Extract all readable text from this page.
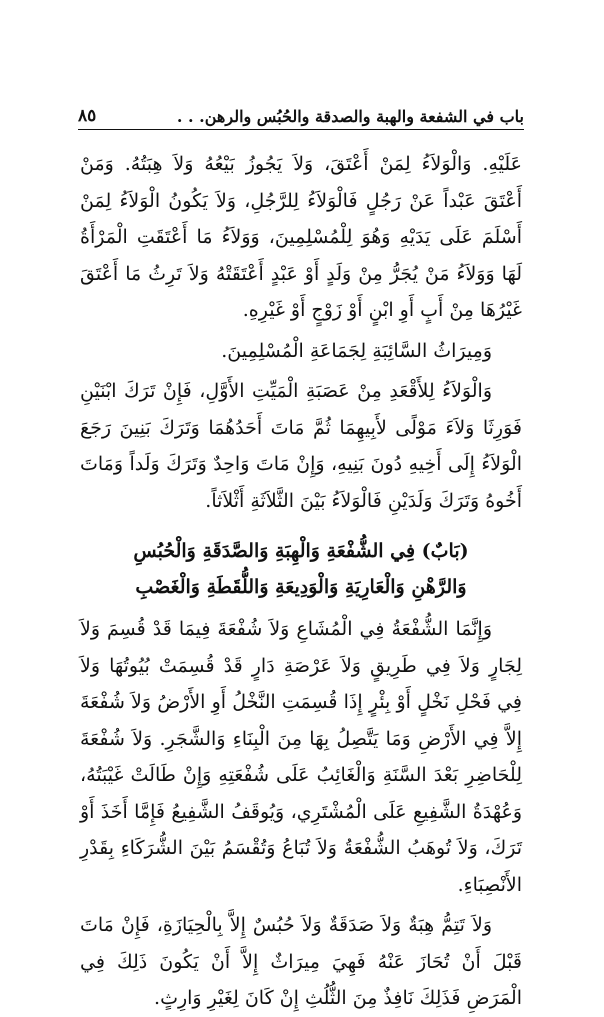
باب في الشفعة والهبة والصدقة والحُبُس والرهن. . .
٨٥

عَلَيْهِ. وَالْوَلاَءُ لِمَنْ أَعْتَقَ، وَلاَ يَجُوزُ بَيْعُهُ وَلاَ هِبَتُهُ. وَمَنْ أَعْتَقَ عَبْداً عَنْ رَجُلٍ فَالْوَلاَءُ لِلرَّجُلِ، وَلاَ يَكُونُ الْوَلاَءُ لِمَنْ أَسْلَمَ عَلَى يَدَيْهِ وَهُوَ لِلْمُسْلِمِينَ، وَوَلاَءُ مَا أَعْتَقَتِ الْمَرْأَةُ لَهَا وَوَلاَءُ مَنْ يُجَرُّ مِنْ وَلَدٍ أَوْ عَبْدٍ أَعْتَقَتْهُ وَلاَ تَرِثُ مَا أَعْتَقَ غَيْرُهَا مِنْ أَبٍ أَوِ ابْنٍ أَوْ زَوْجٍ أَوْ غَيْرِهِ.

وَمِيرَاثُ السَّائِبَةِ لِجَمَاعَةِ الْمُسْلِمِينَ.

وَالْوَلاَءُ لِلأَقْعَدِ مِنْ عَصَبَةِ الْمَيِّتِ الأَوَّلِ، فَإِنْ تَرَكَ ابْنَيْنِ فَوَرِثَا وَلاَءَ مَوْلًى لأَبِيهِمَا ثُمَّ مَاتَ أَحَدُهُمَا وَتَرَكَ بَنِينَ رَجَعَ الْوَلاَءُ إِلَى أَخِيهِ دُونَ بَنِيهِ، وَإِنْ مَاتَ وَاحِدٌ وَتَرَكَ وَلَداً وَمَاتَ أَخُوهُ وَتَرَكَ وَلَدَيْنِ فَالْوَلاَءُ بَيْنَ الثَّلاَثَةِ أَثْلاَثاً.

(بَابٌ) فِي الشُّفْعَةِ وَالْهِبَةِ وَالصَّدَقَةِ وَالْحُبُسِ
وَالرَّهْنِ وَالْعَارِيَةِ وَالْوَدِيعَةِ وَاللُّقَطَةِ وَالْغَصْبِ

وَإِنَّمَا الشُّفْعَةُ فِي الْمُشَاعِ وَلاَ شُفْعَةَ فِيمَا قَدْ قُسِمَ وَلاَ لِجَارٍ وَلاَ فِي طَرِيقٍ وَلاَ عَرْصَةِ دَارٍ قَدْ قُسِمَتْ بُيُوتُهَا وَلاَ فِي فَحْلِ نَخْلٍ أَوْ بِئْرٍ إِذَا قُسِمَتِ النَّخْلُ أَوِ الأَرْضُ وَلاَ شُفْعَةَ إِلاَّ فِي الأَرْضِ وَمَا يَتَّصِلُ بِهَا مِنَ الْبِنَاءِ وَالشَّجَرِ. وَلاَ شُفْعَةَ لِلْحَاضِرِ بَعْدَ السَّنَةِ وَالْغَائِبُ عَلَى شُفْعَتِهِ وَإِنْ طَالَتْ غَيْبَتُهُ، وَعُهْدَةُ الشَّفِيعِ عَلَى الْمُشْتَرِي، وَيُوقَفُ الشَّفِيعُ فَإِمَّا أَخَذَ أَوْ تَرَكَ، وَلاَ تُوهَبُ الشُّفْعَةُ وَلاَ تُبَاعُ وَتُقْسَمُ بَيْنَ الشُّرَكَاءِ بِقَدْرِ الأَنْصِبَاءِ.

وَلاَ تَتِمُّ هِبَةٌ وَلاَ صَدَقَةٌ وَلاَ حُبُسٌ إِلاَّ بِالْحِيَازَةِ، فَإِنْ مَاتَ قَبْلَ أَنْ تُحَازَ عَنْهُ فَهِيَ مِيرَاثٌ إِلاَّ أَنْ يَكُونَ ذَلِكَ فِي الْمَرَضِ فَذَلِكَ نَافِذٌ مِنَ الثُّلُثِ إِنْ كَانَ لِغَيْرِ وَارِثٍ.
